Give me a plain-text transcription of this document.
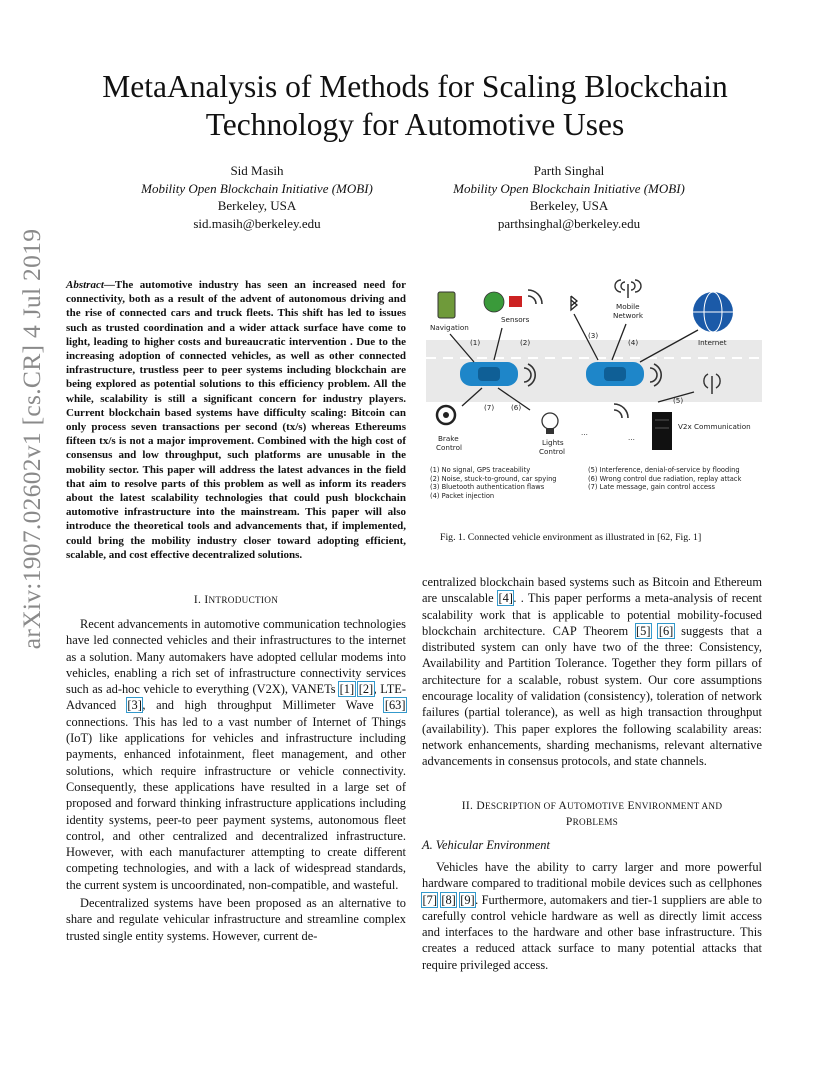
arXiv:1907.02602v1 [cs.CR] 4 Jul 2019
MetaAnalysis of Methods for Scaling Blockchain
Technology for Automotive Uses
Sid Masih
Mobility Open Blockchain Initiative (MOBI)
Berkeley, USA
sid.masih@berkeley.edu
Parth Singhal
Mobility Open Blockchain Initiative (MOBI)
Berkeley, USA
parthsinghal@berkeley.edu
Abstract—The automotive industry has seen an increased need for connectivity, both as a result of the advent of autonomous driving and the rise of connected cars and truck fleets. This shift has led to issues such as trusted coordination and a wider attack surface have come to light, leading to higher costs and bureaucratic intervention . Due to the increasing adoption of connected vehicles, as well as other connected infrastructure, trustless peer to peer systems including blockchain are being explored as potential solutions to this efficiency problem. All the while, scalability is still a significant concern for industry players. Current blockchain based systems have difficulty scaling: Bitcoin can only process seven transactions per second (tx/s) whereas Ethereums fifteen tx/s is not a major improvement. Combined with the high cost of consensus and low throughput, such platforms are unusable in the mobility sector. This paper will address the latest advances in the field that aim to resolve parts of this problem as well as inform its readers about the latest scalability technologies that could push blockchain automotive infrastructure into the mainstream. This paper will also introduce the theoretical tools and advancements that, if implemented, could bring the mobility industry closer toward adopting efficient, scalable, and cost effective decentralized solutions.
I. INTRODUCTION

Recent advancements in automotive communication technologies have led connected vehicles and their infrastructures to the internet as a solution. Many automakers have adopted cellular modems into vehicles, enabling a rich set of infrastructure connectivity services such as ad-hoc vehicle to everything (V2X), VANETs [1] [2], LTE-Advanced [3], and high throughput Millimeter Wave [63] connections. This has led to a vast number of Internet of Things (IoT) like applications for vehicles and infrastructure including payments, enhanced infotainment, fleet management, and other solutions, which require infrastructure or vehicle connectivity. Consequently, these applications have resulted in a large set of proposed and forward thinking infrastructure applications including identity systems, peer-to peer payment systems, autonomous fleet control, and other centralized and decentralized infrastructure. However, with each manufacturer attempting to create different competing technologies, and with a lack of widespread standards, the current system is uncoordinated, non-compatible, and wasteful.

Decentralized systems have been proposed as an alternative to share and regulate vehicular infrastructure and streamline complex trusted single entity systems. However, current de-

Navigation
Sensors
Mobile
Network
Internet
(1)	(2)
(3)
(4)
(5)
(6)
(7)
Brake
Control
Lights
Control
...
...
V2x Communication
(1) No signal, GPS traceability
(2) Noise, stuck-to-ground, car spying
(3) Bluetooth authentication flaws
(4) Packet injection
(5) Interference, denial-of-service by flooding
(6) Wrong control due radiation, replay attack
(7) Late message, gain control access
Fig. 1. Connected vehicle environment as illustrated in [62, Fig. 1]

centralized blockchain based systems such as Bitcoin and Ethereum are unscalable [4]. . This paper performs a meta-analysis of recent scalability work that is applicable to potential mobility-focused blockchain architecture. CAP Theorem [5] [6] suggests that a distributed system can only have two of the three: Consistency, Availability and Partition Tolerance. Together they form pillars of architecture for a scalable, robust system. Our core assumptions encourage locality of validation (consistency), toleration of network failures (partial tolerance), as well as high transaction throughput (availability). This paper explores the following scalability areas: network enhancements, sharding mechanisms, relevant alternative advancements in consensus protocols, and state channels.

II. DESCRIPTION OF AUTOMOTIVE ENVIRONMENT AND
PROBLEMS
A. Vehicular Environment

Vehicles have the ability to carry larger and more powerful hardware compared to traditional mobile devices such as cellphones [7] [8] [9]. Furthermore, automakers and tier-1 suppliers are able to carefully control vehicle hardware as well as directly limit access and interfaces to the hardware and other base infrastructure. This creates a reduced attack surface to many potential attacks that require privileged access.
